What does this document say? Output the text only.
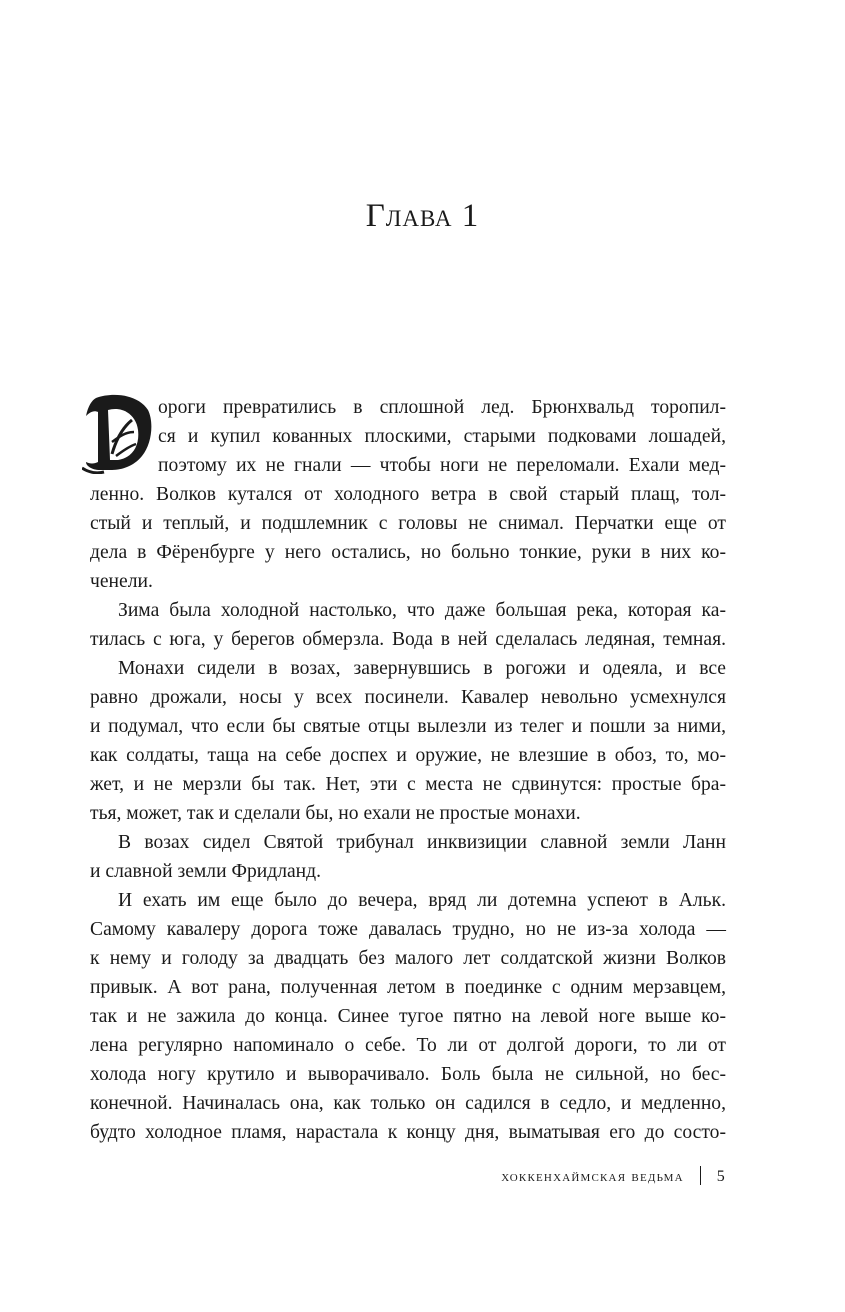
Глава 1
ороги превратились в сплошной лед. Брюнхвальд торопил-
ся и купил кованных плоскими, старыми подковами лошадей,
поэтому их не гнали — чтобы ноги не переломали. Ехали мед-
ленно. Волков кутался от холодного ветра в свой старый плащ, тол-
стый и теплый, и подшлемник с головы не снимал. Перчатки еще от
дела в Фёренбурге у него остались, но больно тонкие, руки в них ко-
ченели.
Зима была холодной настолько, что даже большая река, которая ка-
тилась с юга, у берегов обмерзла. Вода в ней сделалась ледяная, темная.
Монахи сидели в возах, завернувшись в рогожи и одеяла, и все
равно дрожали, носы у всех посинели. Кавалер невольно усмехнулся
и подумал, что если бы святые отцы вылезли из телег и пошли за ними,
как солдаты, таща на себе доспех и оружие, не влезшие в обоз, то, мо-
жет, и не мерзли бы так. Нет, эти с места не сдвинутся: простые бра-
тья, может, так и сделали бы, но ехали не простые монахи.
В возах сидел Святой трибунал инквизиции славной земли Ланн
и славной земли Фридланд.
И ехать им еще было до вечера, вряд ли дотемна успеют в Альк.
Самому кавалеру дорога тоже давалась трудно, но не из-за холода —
к нему и голоду за двадцать без малого лет солдатской жизни Волков
привык. А вот рана, полученная летом в поединке с одним мерзавцем,
так и не зажила до конца. Синее тугое пятно на левой ноге выше ко-
лена регулярно напоминало о себе. То ли от долгой дороги, то ли от
холода ногу крутило и выворачивало. Боль была не сильной, но бес-
конечной. Начиналась она, как только он садился в седло, и медленно,
будто холодное пламя, нарастала к концу дня, выматывая его до состо-
хоккенхаймская ведьма 5
